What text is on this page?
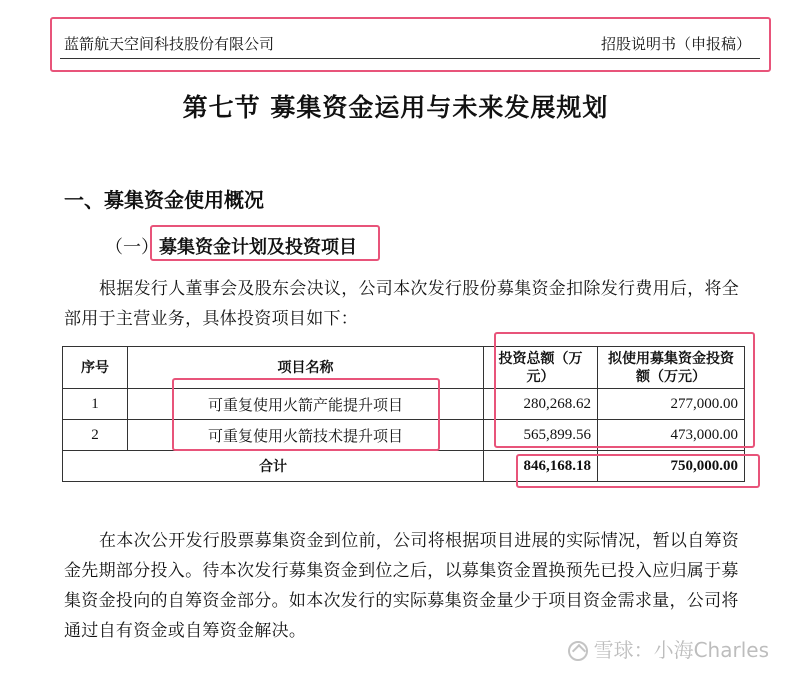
蓝箭航天空间科技股份有限公司	招股说明书（申报稿）
第七节 募集资金运用与未来发展规划
一、募集资金使用概况
（一）募集资金计划及投资项目
根据发行人董事会及股东会决议，公司本次发行股份募集资金扣除发行费用后，将全部用于主营业务，具体投资项目如下：
序号	项目名称	投资总额（万元）	拟使用募集资金投资额（万元）
1	可重复使用火箭产能提升项目	280,268.62	277,000.00
2	可重复使用火箭技术提升项目	565,899.56	473,000.00
合计		846,168.18	750,000.00
在本次公开发行股票募集资金到位前，公司将根据项目进展的实际情况，暂以自筹资金先期部分投入。待本次发行募集资金到位之后，以募集资金置换预先已投入应归属于募集资金投向的自筹资金部分。如本次发行的实际募集资金量少于项目资金需求量，公司将通过自有资金或自筹资金解决。
雪球：小海Charles
